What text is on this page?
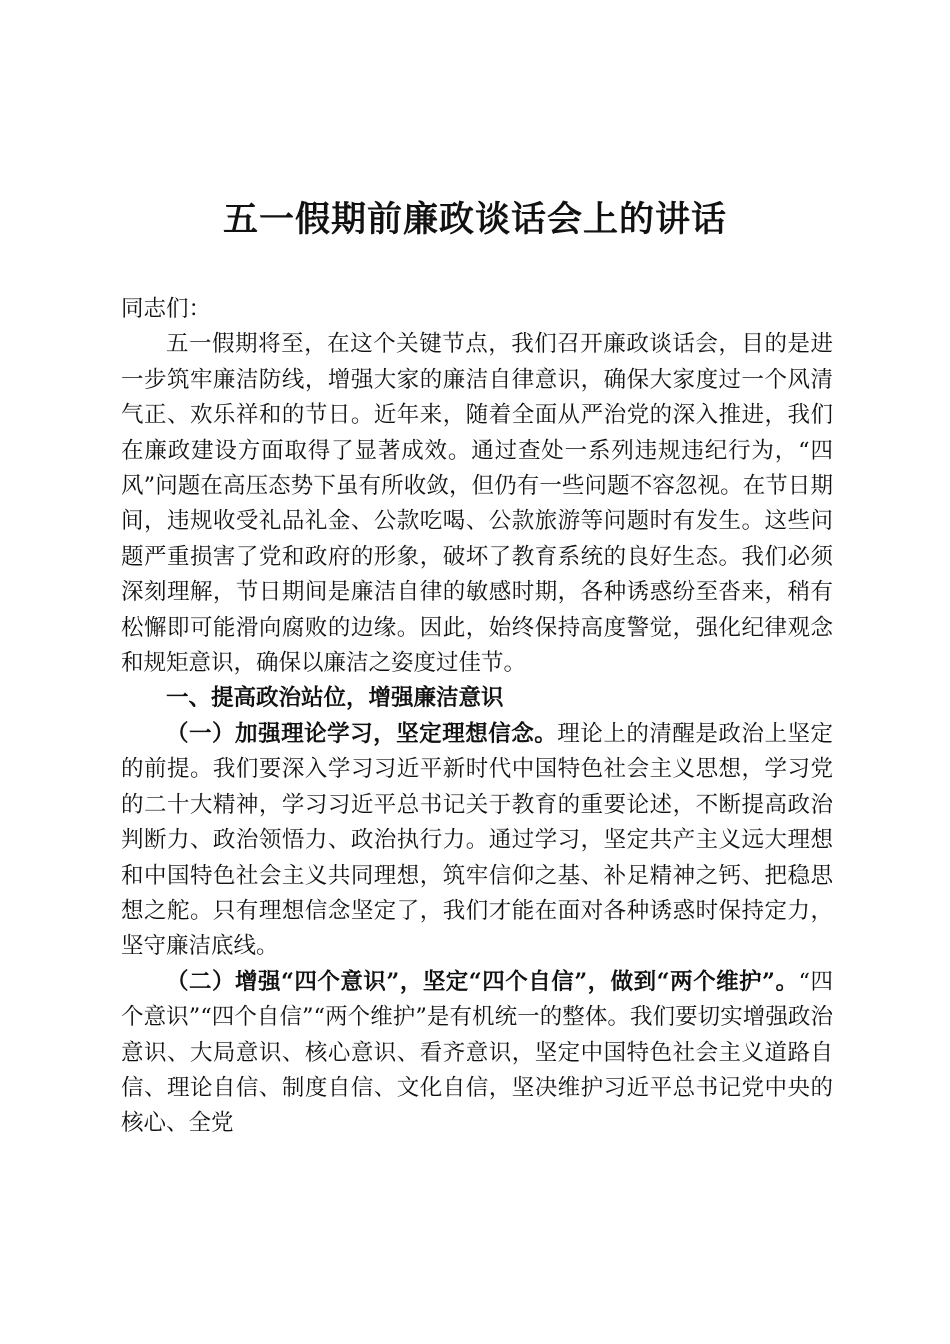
五一假期前廉政谈话会上的讲话

同志们：

五一假期将至，在这个关键节点，我们召开廉政谈话会，目的是进一步筑牢廉洁防线，增强大家的廉洁自律意识，确保大家度过一个风清气正、欢乐祥和的节日。近年来，随着全面从严治党的深入推进，我们在廉政建设方面取得了显著成效。通过查处一系列违规违纪行为，“四风”问题在高压态势下虽有所收敛，但仍有一些问题不容忽视。在节日期间，违规收受礼品礼金、公款吃喝、公款旅游等问题时有发生。这些问题严重损害了党和政府的形象，破坏了教育系统的良好生态。我们必须深刻理解，节日期间是廉洁自律的敏感时期，各种诱惑纷至沓来，稍有松懈即可能滑向腐败的边缘。因此，始终保持高度警觉，强化纪律观念和规矩意识，确保以廉洁之姿度过佳节。

一、提高政治站位，增强廉洁意识

（一）加强理论学习，坚定理想信念。理论上的清醒是政治上坚定的前提。我们要深入学习习近平新时代中国特色社会主义思想，学习党的二十大精神，学习习近平总书记关于教育的重要论述，不断提高政治判断力、政治领悟力、政治执行力。通过学习，坚定共产主义远大理想和中国特色社会主义共同理想，筑牢信仰之基、补足精神之钙、把稳思想之舵。只有理想信念坚定了，我们才能在面对各种诱惑时保持定力，坚守廉洁底线。

（二）增强“四个意识”，坚定“四个自信”，做到“两个维护”。“四个意识”“四个自信”“两个维护”是有机统一的整体。我们要切实增强政治意识、大局意识、核心意识、看齐意识，坚定中国特色社会主义道路自信、理论自信、制度自信、文化自信，坚决维护习近平总书记党中央的核心、全党
